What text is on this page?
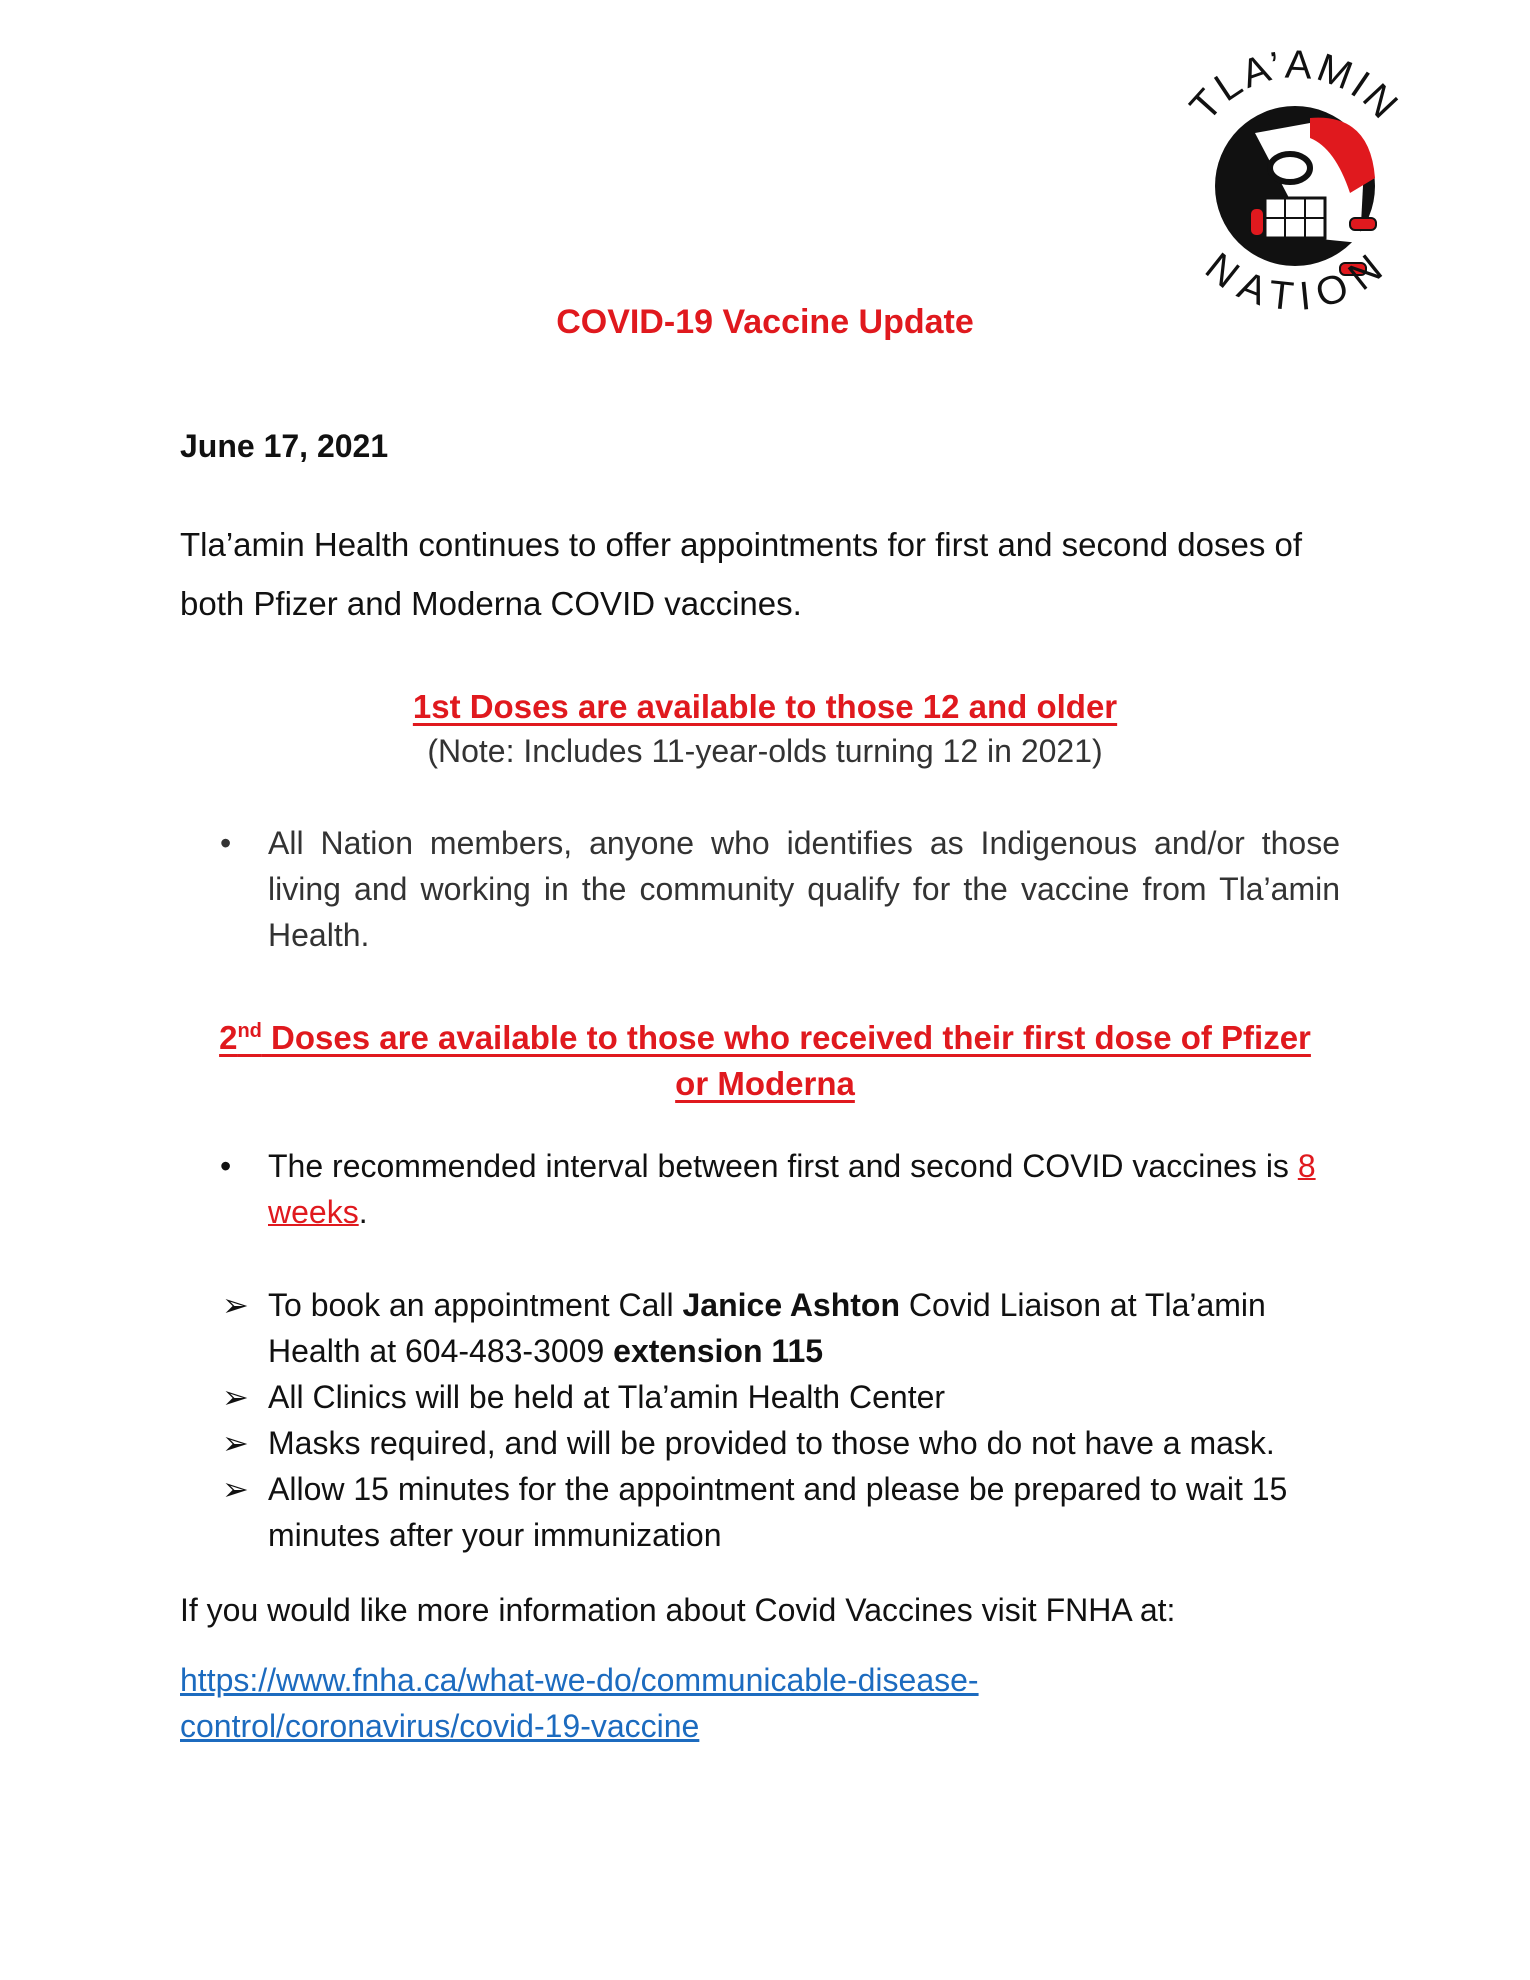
TLA’AMIN
NATION
COVID-19 Vaccine Update
June 17, 2021
Tla’amin Health continues to offer appointments for first and second doses of both Pfizer and Moderna COVID vaccines.
1st Doses are available to those 12 and older
(Note: Includes 11-year-olds turning 12 in 2021)
•	All Nation members, anyone who identifies as Indigenous and/or those living and working in the community qualify for the vaccine from Tla’amin Health.
2nd Doses are available to those who received their first dose of Pfizer
or Moderna
•	The recommended interval between first and second COVID vaccines is 8 weeks.
➢ To book an appointment Call Janice Ashton Covid Liaison at Tla’amin Health at 604-483-3009 extension 115
➢ All Clinics will be held at Tla’amin Health Center
➢ Masks required, and will be provided to those who do not have a mask.
➢ Allow 15 minutes for the appointment and please be prepared to wait 15 minutes after your immunization
If you would like more information about Covid Vaccines visit FNHA at:
https://www.fnha.ca/what-we-do/communicable-disease-
control/coronavirus/covid-19-vaccine
